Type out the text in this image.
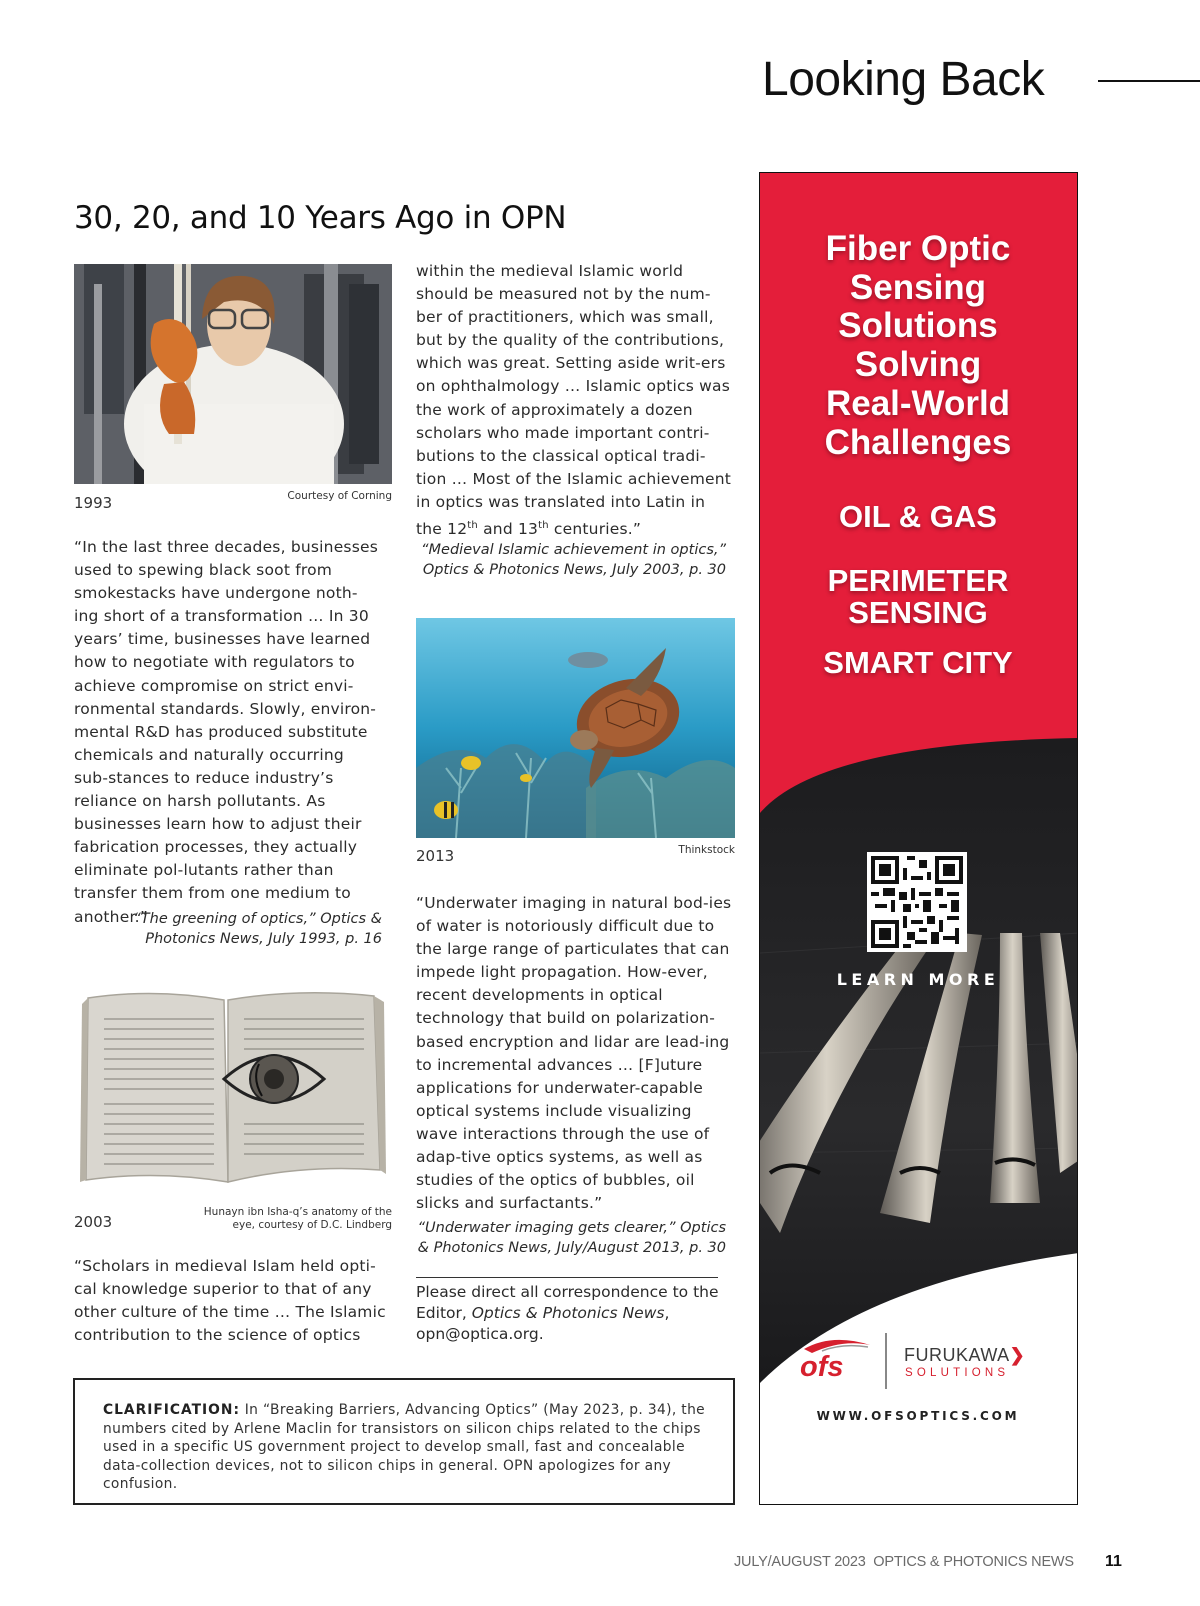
Looking Back
30, 20, and 10 Years Ago in OPN
1993	Courtesy of Corning
“In the last three decades, businesses used to spewing black soot from smokestacks have undergone noth-ing short of a transformation … In 30 years’ time, businesses have learned how to negotiate with regulators to achieve compromise on strict envi-ronmental standards. Slowly, environ-mental R&D has produced substitute chemicals and naturally occurring sub-stances to reduce industry’s reliance on harsh pollutants. As businesses learn how to adjust their fabrication processes, they actually eliminate pol-lutants rather than transfer them from one medium to another.”
“The greening of optics,” Optics & Photonics News, July 1993, p. 16
2003
Hunayn ibn Isha-q’s anatomy of the eye, courtesy of D.C. Lindberg
“Scholars in medieval Islam held opti-cal knowledge superior to that of any other culture of the time … The Islamic contribution to the science of optics
within the medieval Islamic world should be measured not by the num-ber of practitioners, which was small, but by the quality of the contributions, which was great. Setting aside writ-ers on ophthalmology … Islamic optics was the work of approximately a dozen scholars who made important contri-butions to the classical optical tradi-tion … Most of the Islamic achievement in optics was translated into Latin in the 12th and 13th centuries.”
“Medieval Islamic achievement in optics,” Optics & Photonics News, July 2003, p. 30
2013	Thinkstock
“Underwater imaging in natural bod-ies of water is notoriously difficult due to the large range of particulates that can impede light propagation. How-ever, recent developments in optical technology that build on polarization-based encryption and lidar are lead-ing to incremental advances … [F]uture applications for underwater-capable optical systems include visualizing wave interactions through the use of adap-tive optics systems, as well as studies of the optics of bubbles, oil slicks and surfactants.”
“Underwater imaging gets clearer,” Optics & Photonics News, July/August 2013, p. 30
Please direct all correspondence to the Editor, Optics & Photonics News, opn@optica.org.

CLARIFICATION: In “Breaking Barriers, Advancing Optics” (May 2023, p. 34), the numbers cited by Arlene Maclin for transistors on silicon chips related to the chips used in a specific US government project to develop small, fast and concealable data-collection devices, not to silicon chips in general. OPN apologizes for any confusion.

Fiber Optic
Sensing
Solutions
Solving
Real-World
Challenges
OIL & GAS
PERIMETER
SENSING
SMART CITY
LEARN MORE
ofs	FURUKAWA❯
SOLUTIONS
WWW.OFSOPTICS.COM
JULY/AUGUST 2023  OPTICS & PHOTONICS NEWS 11
